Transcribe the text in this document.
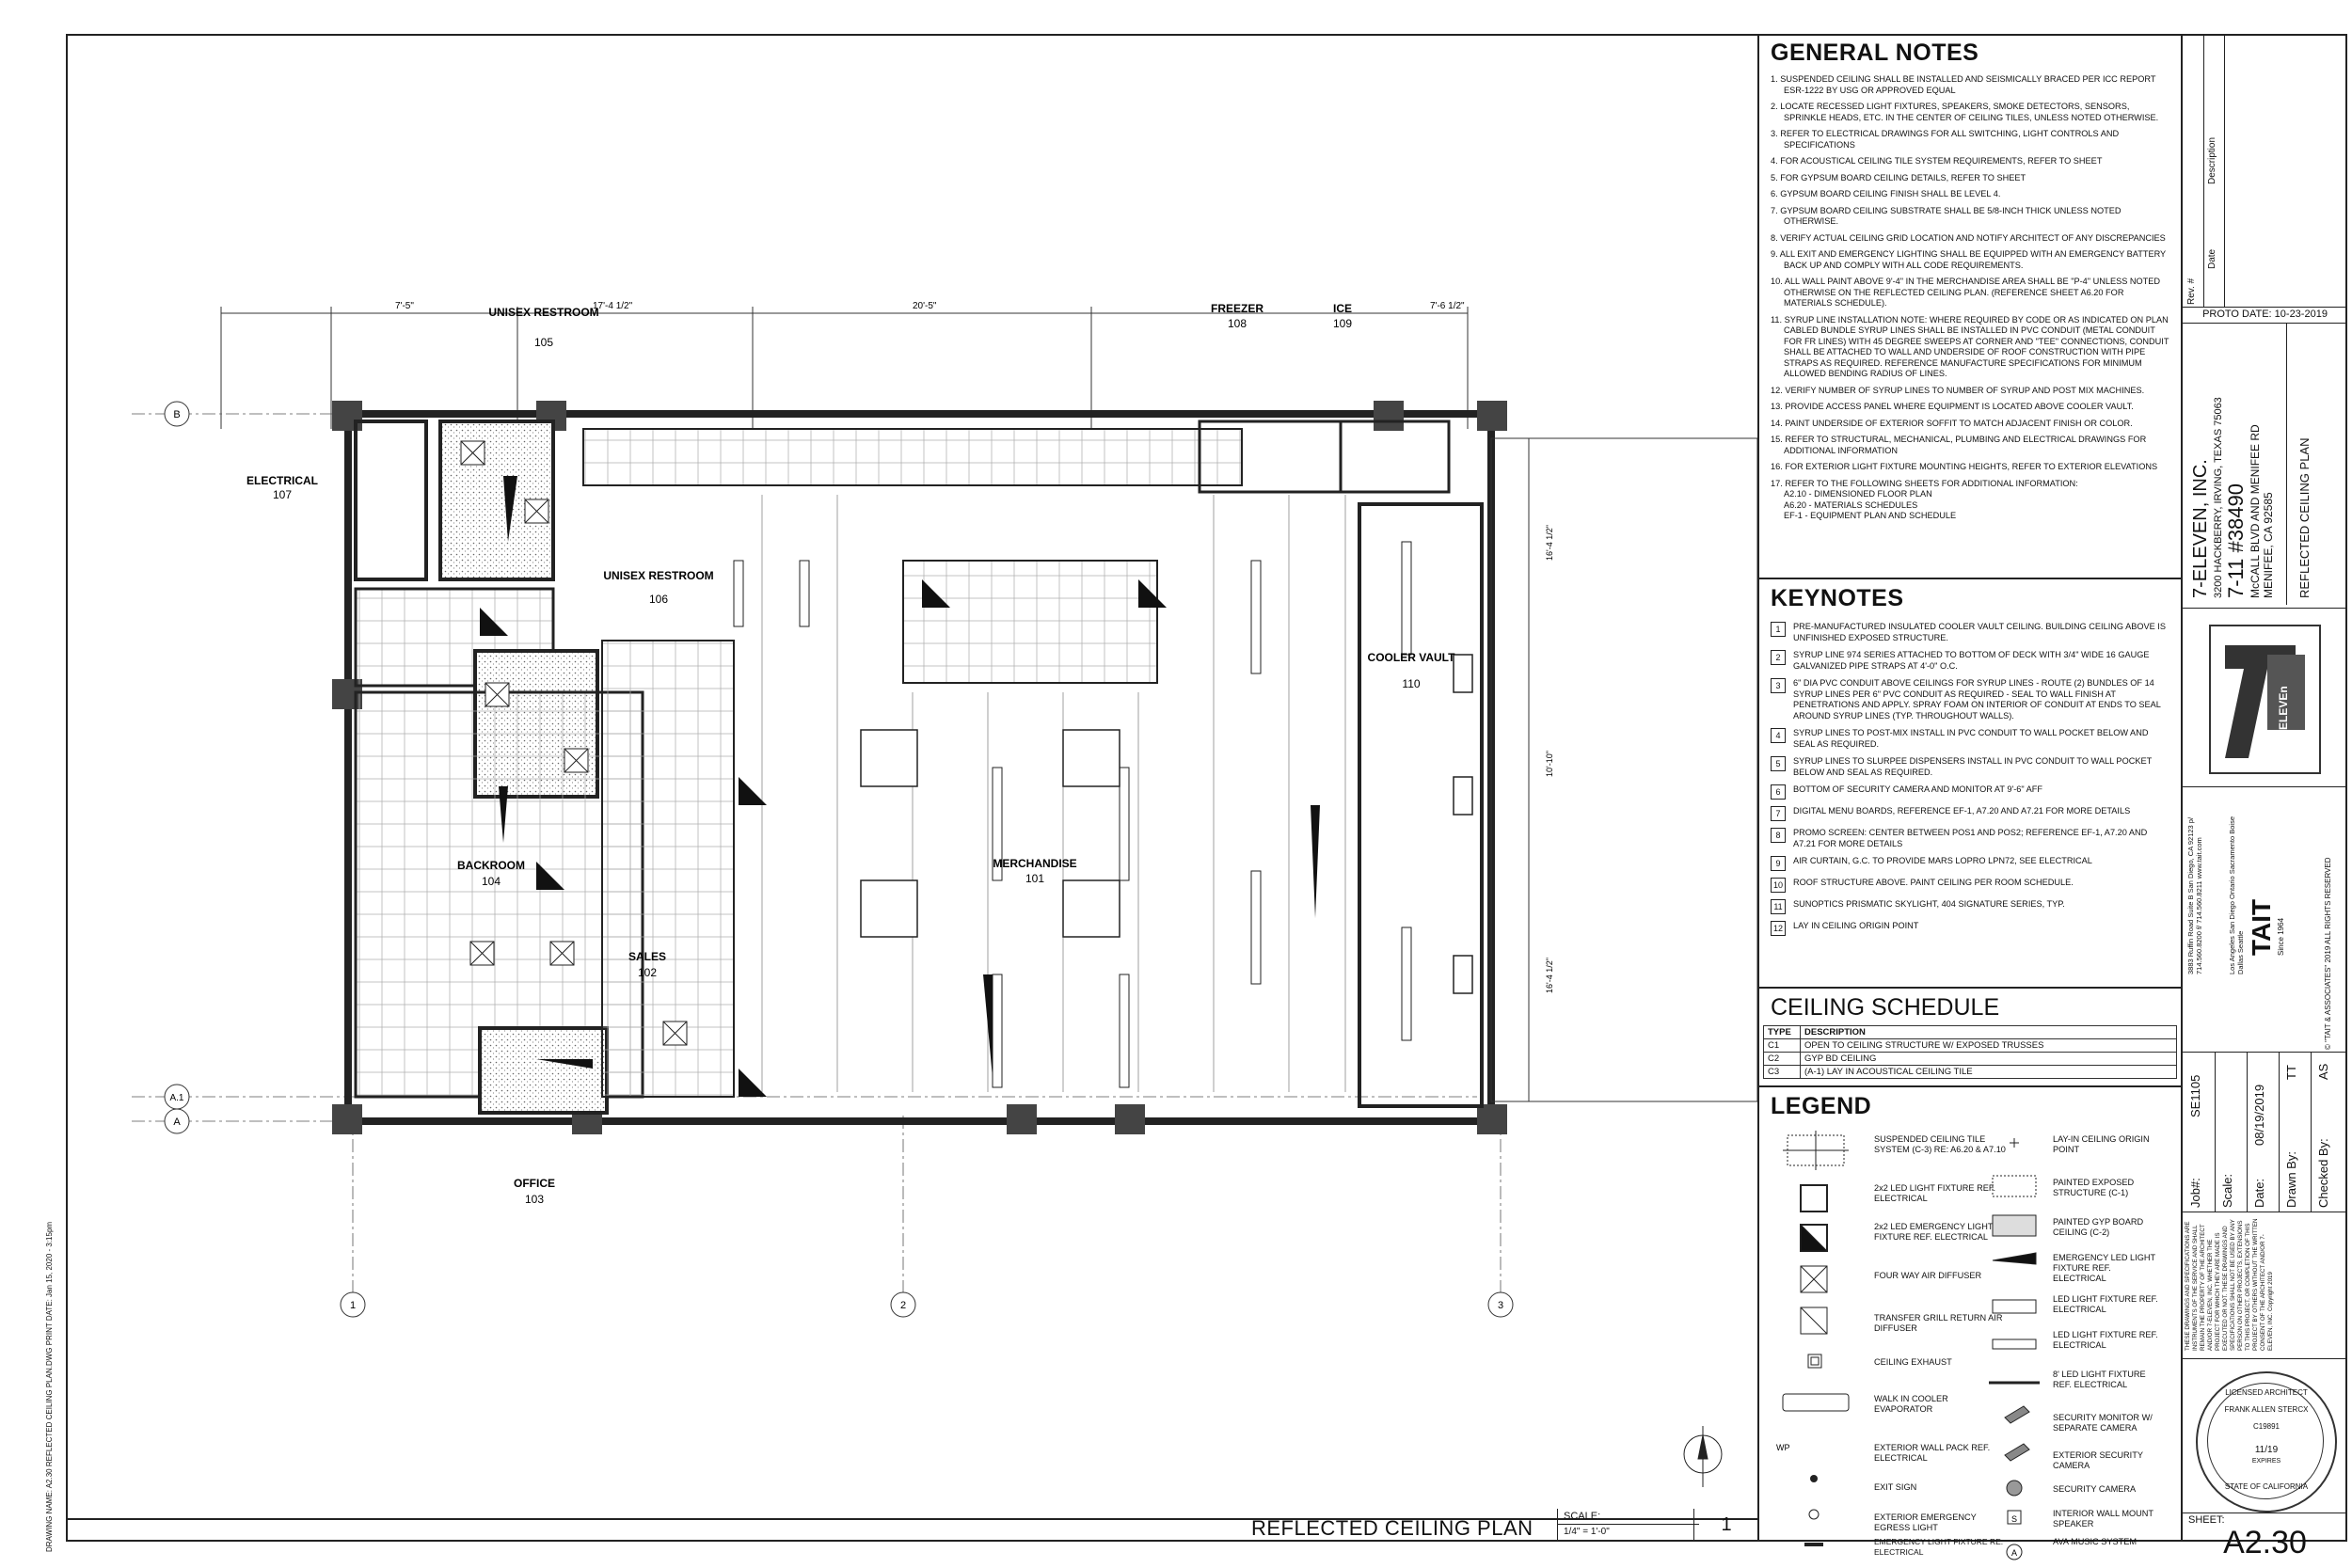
DRAWING NAME: A2.30 REFLECTED CEILING PLAN.DWG PRINT DATE: Jan 15, 2020 - 3:15pm
7'-5"	17'-4 1/2"	20'-5"	7'-6 1/2"
B
A.1
A
1	2	3
16'-4 1/2"
10'-10"
16'-4 1/2"
ELECTRICAL
107
UNISEX RESTROOM
105
UNISEX RESTROOM
106
FREEZER
108
ICE
109
COOLER VAULT
110
BACKROOM
104
MERCHANDISE
101
SALES
102
OFFICE
103
REFLECTED CEILING PLAN	SCALE:
1/4" = 1'-0"	1
GENERAL NOTES
1. SUSPENDED CEILING SHALL BE INSTALLED AND SEISMICALLY BRACED PER ICC REPORT ESR-1222 BY USG OR APPROVED EQUAL
2. LOCATE RECESSED LIGHT FIXTURES, SPEAKERS, SMOKE DETECTORS, SENSORS, SPRINKLE HEADS, ETC. IN THE CENTER OF CEILING TILES, UNLESS NOTED OTHERWISE.
3. REFER TO ELECTRICAL DRAWINGS FOR ALL SWITCHING, LIGHT CONTROLS AND SPECIFICATIONS
4. FOR ACOUSTICAL CEILING TILE SYSTEM REQUIREMENTS, REFER TO SHEET
5. FOR GYPSUM BOARD CEILING DETAILS, REFER TO SHEET
6. GYPSUM BOARD CEILING FINISH SHALL BE LEVEL 4.
7. GYPSUM BOARD CEILING SUBSTRATE SHALL BE 5/8-INCH THICK UNLESS NOTED OTHERWISE.
8. VERIFY ACTUAL CEILING GRID LOCATION AND NOTIFY ARCHITECT OF ANY DISCREPANCIES
9. ALL EXIT AND EMERGENCY LIGHTING SHALL BE EQUIPPED WITH AN EMERGENCY BATTERY BACK UP AND COMPLY WITH ALL CODE REQUIREMENTS.
10. ALL WALL PAINT ABOVE 9'-4" IN THE MERCHANDISE AREA SHALL BE "P-4" UNLESS NOTED OTHERWISE ON THE REFLECTED CEILING PLAN. (REFERENCE SHEET A6.20 FOR MATERIALS SCHEDULE).
11. SYRUP LINE INSTALLATION NOTE: WHERE REQUIRED BY CODE OR AS INDICATED ON PLAN CABLED BUNDLE SYRUP LINES SHALL BE INSTALLED IN PVC CONDUIT (METAL CONDUIT FOR FR LINES) WITH 45 DEGREE SWEEPS AT CORNER AND "TEE" CONNECTIONS, CONDUIT SHALL BE ATTACHED TO WALL AND UNDERSIDE OF ROOF CONSTRUCTION WITH PIPE STRAPS AS REQUIRED. REFERENCE MANUFACTURE SPECIFICATIONS FOR MINIMUM ALLOWED BENDING RADIUS OF LINES.
12. VERIFY NUMBER OF SYRUP LINES TO NUMBER OF SYRUP AND POST MIX MACHINES.
13. PROVIDE ACCESS PANEL WHERE EQUIPMENT IS LOCATED ABOVE COOLER VAULT.
14. PAINT UNDERSIDE OF EXTERIOR SOFFIT TO MATCH ADJACENT FINISH OR COLOR.
15. REFER TO STRUCTURAL, MECHANICAL, PLUMBING AND ELECTRICAL DRAWINGS FOR ADDITIONAL INFORMATION
16. FOR EXTERIOR LIGHT FIXTURE MOUNTING HEIGHTS, REFER TO EXTERIOR ELEVATIONS
17. REFER TO THE FOLLOWING SHEETS FOR ADDITIONAL INFORMATION:
A2.10 - DIMENSIONED FLOOR PLAN
A6.20 - MATERIALS SCHEDULES
EF-1 - EQUIPMENT PLAN AND SCHEDULE
KEYNOTES
1	PRE-MANUFACTURED INSULATED COOLER VAULT CEILING. BUILDING CEILING ABOVE IS UNFINISHED EXPOSED STRUCTURE.
2	SYRUP LINE 974 SERIES ATTACHED TO BOTTOM OF DECK WITH 3/4" WIDE 16 GAUGE GALVANIZED PIPE STRAPS AT 4'-0" O.C.
3	6" DIA PVC CONDUIT ABOVE CEILINGS FOR SYRUP LINES - ROUTE (2) BUNDLES OF 14 SYRUP LINES PER 6" PVC CONDUIT AS REQUIRED - SEAL TO WALL FINISH AT PENETRATIONS AND APPLY. SPRAY FOAM ON INTERIOR OF CONDUIT AT ENDS TO SEAL AROUND SYRUP LINES (TYP. THROUGHOUT WALLS).
4	SYRUP LINES TO POST-MIX INSTALL IN PVC CONDUIT TO WALL POCKET BELOW AND SEAL AS REQUIRED.
5	SYRUP LINES TO SLURPEE DISPENSERS INSTALL IN PVC CONDUIT TO WALL POCKET BELOW AND SEAL AS REQUIRED.
6	BOTTOM OF SECURITY CAMERA AND MONITOR AT 9'-6" AFF
7	DIGITAL MENU BOARDS, REFERENCE EF-1, A7.20 AND A7.21 FOR MORE DETAILS
8	PROMO SCREEN: CENTER BETWEEN POS1 AND POS2; REFERENCE EF-1, A7.20 AND A7.21 FOR MORE DETAILS
9	AIR CURTAIN, G.C. TO PROVIDE MARS LOPRO LPN72, SEE ELECTRICAL
10	ROOF STRUCTURE ABOVE. PAINT CEILING PER ROOM SCHEDULE.
11	SUNOPTICS PRISMATIC SKYLIGHT, 404 SIGNATURE SERIES, TYP.
12	LAY IN CEILING ORIGIN POINT
CEILING SCHEDULE
TYPE	DESCRIPTION
C1	OPEN TO CEILING STRUCTURE W/ EXPOSED TRUSSES
C2	GYP BD CEILING
C3	(A-1) LAY IN ACOUSTICAL CEILING TILE
LEGEND
WP
SUSPENDED CEILING TILE SYSTEM (C-3) RE: A6.20 & A7.10
2x2 LED LIGHT FIXTURE REF. ELECTRICAL
2x2 LED EMERGENCY LIGHT FIXTURE REF. ELECTRICAL
FOUR WAY AIR DIFFUSER
TRANSFER GRILL RETURN AIR DIFFUSER
CEILING EXHAUST
WALK IN COOLER EVAPORATOR
EXTERIOR WALL PACK REF. ELECTRICAL
EXIT SIGN
EXTERIOR EMERGENCY EGRESS LIGHT
EMERGENCY LIGHT FIXTURE RE. ELECTRICAL
S
A
LAY-IN CEILING ORIGIN POINT
PAINTED EXPOSED STRUCTURE (C-1)
PAINTED GYP BOARD CEILING (C-2)
EMERGENCY LED LIGHT FIXTURE REF. ELECTRICAL
LED LIGHT FIXTURE REF. ELECTRICAL
LED LIGHT FIXTURE REF. ELECTRICAL
8' LED LIGHT FIXTURE REF. ELECTRICAL
SECURITY MONITOR W/ SEPARATE CAMERA
EXTERIOR SECURITY CAMERA
SECURITY CAMERA
INTERIOR WALL MOUNT SPEAKER
AVA MUSIC SYSTEM
Rev. #
Date
Description
PROTO DATE: 10-23-2019
7-ELEVEN, INC. 3200 HACKBERRY, IRVING, TEXAS 75063 7-11 #38490 McCALL BLVD AND MENIFEE RD MENIFEE, CA 92585 REFLECTED CEILING PLAN
ELEVEn
3883 Ruffin Road Suite B San Diego, CA 92123 p/ 714.560.8200 f/ 714.560.8211 www.tait.com	Los Angeles San Diego Ontario Sacramento Boise Dallas Seattle TAIT Since 1964	© "TAIT & ASSOCIATES" 2019 ALL RIGHTS RESERVED
Job#:
SE1105
Scale: Date:
08/19/2019
Drawn By:
TT
Checked By:
AS
THESE DRAWINGS AND SPECIFICATIONS ARE INSTRUMENTS OF THE SERVICE AND SHALL REMAIN THE PROPERTY OF THE ARCHITECT AND/OR 7-ELEVEN, INC. WHETHER THE PROJECT FOR WHICH THEY ARE MADE IS EXECUTED OR NOT. THESE DRAWINGS AND SPECIFICATIONS SHALL NOT BE USED BY ANY PERSON ON OTHER PROJECTS, EXTENSIONS TO THIS PROJECT, OR COMPLETION OF THIS PROJECT BY OTHERS WITHOUT THE WRITTEN CONSENT OF THE ARCHITECT AND/OR 7-ELEVEN, INC. Copyright 2019
LICENSED ARCHITECT
FRANK ALLEN STERCX
C19891
11/19
EXPIRES
STATE OF CALIFORNIA
SHEET:
A2.30
